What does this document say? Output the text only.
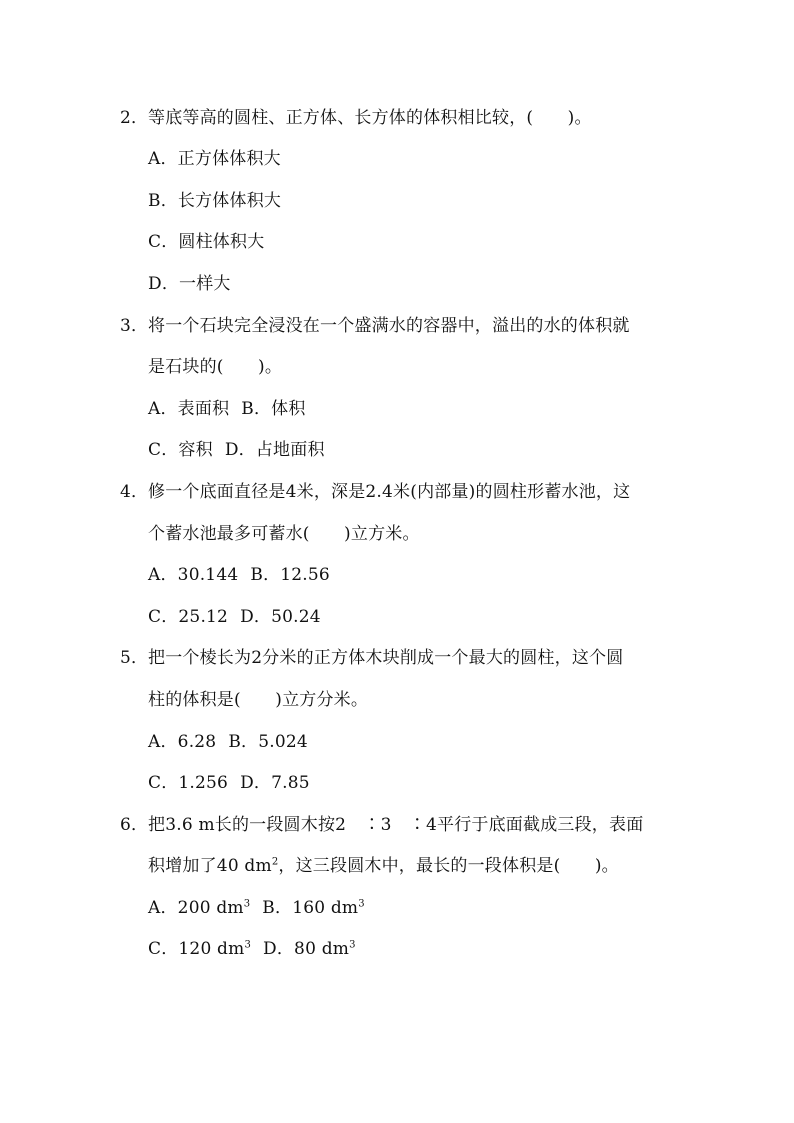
2．等底等高的圆柱、正方体、长方体的体积相比较，(　　)。
A．正方体体积大
B．长方体体积大
C．圆柱体积大
D．一样大
3．将一个石块完全浸没在一个盛满水的容器中，溢出的水的体积就
是石块的(　　)。
A．表面积 B．体积
C．容积 D．占地面积
4．修一个底面直径是4米，深是2.4米(内部量)的圆柱形蓄水池，这
个蓄水池最多可蓄水(　　)立方米。
A．30.144 B．12.56
C．25.12 D．50.24
5．把一个棱长为2分米的正方体木块削成一个最大的圆柱，这个圆
柱的体积是(　　)立方分米。
A．6.28 B．5.024
C．1.256 D．7.85
6．把3.6 m长的一段圆木按2　∶3　∶4平行于底面截成三段，表面
积增加了40 $dm^2$，这三段圆木中，最长的一段体积是(　　)。
A．200 $dm^3$ B．160 $dm^3$
C．120 $dm^3$ D．80 $dm^3$
